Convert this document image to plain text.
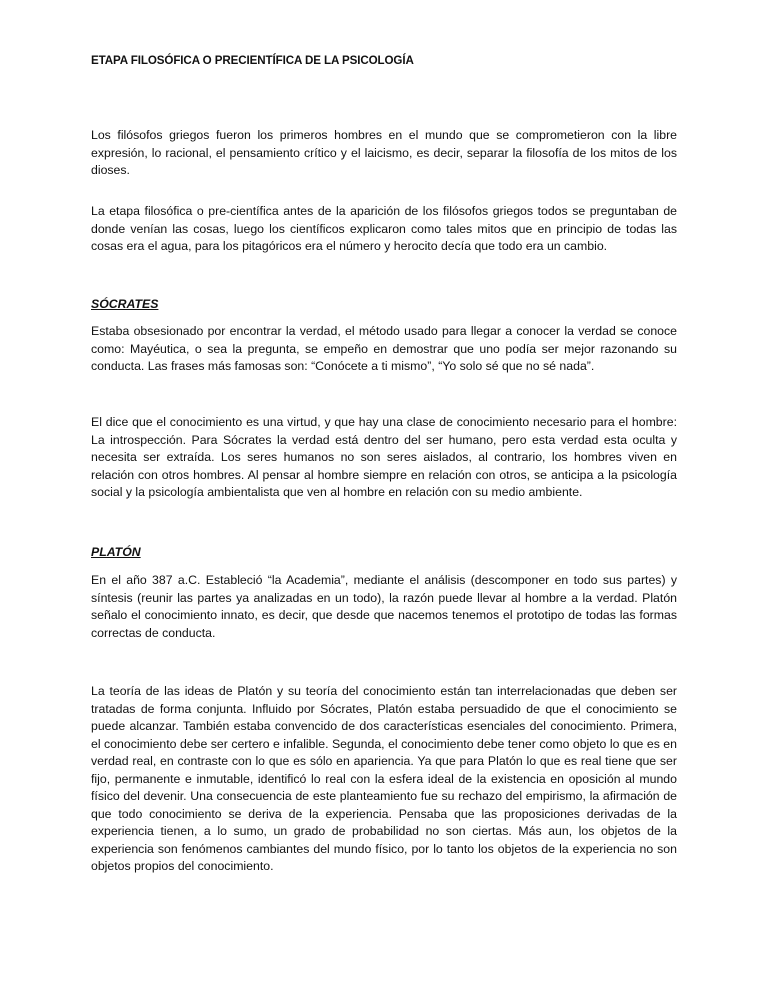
ETAPA FILOSÓFICA O PRECIENTÍFICA DE LA PSICOLOGÍA

Los filósofos griegos fueron los primeros hombres en el mundo que se comprometieron con la libre expresión, lo racional, el pensamiento crítico y el laicismo, es decir, separar la filosofía de los mitos de los dioses.

La etapa filosófica o pre-científica antes de la aparición de los filósofos griegos todos se preguntaban de donde venían las cosas, luego los científicos explicaron como tales mitos que en principio de todas las cosas era el agua, para los pitagóricos era el número y herocito decía que todo era un cambio.

SÓCRATES

Estaba obsesionado por encontrar la verdad, el método usado para llegar a conocer la verdad se conoce como: Mayéutica, o sea la pregunta, se empeño en demostrar que uno podía ser mejor razonando su conducta. Las frases más famosas son: “Conócete a ti mismo”, “Yo solo sé que no sé nada”.

El dice que el conocimiento es una virtud, y que hay una clase de conocimiento necesario para el hombre: La introspección. Para Sócrates la verdad está dentro del ser humano, pero esta verdad esta oculta y necesita ser extraída. Los seres humanos no son seres aislados, al contrario, los hombres viven en relación con otros hombres. Al pensar al hombre siempre en relación con otros, se anticipa a la psicología social y la psicología ambientalista que ven al hombre en relación con su medio ambiente.

PLATÓN

En el año 387 a.C. Estableció “la Academia”, mediante el análisis (descomponer en todo sus partes) y síntesis (reunir las partes ya analizadas en un todo), la razón puede llevar al hombre a la verdad. Platón señalo el conocimiento innato, es decir, que desde que nacemos tenemos el prototipo de todas las formas correctas de conducta.

La teoría de las ideas de Platón y su teoría del conocimiento están tan interrelacionadas que deben ser tratadas de forma conjunta. Influido por Sócrates, Platón estaba persuadido de que el conocimiento se puede alcanzar. También estaba convencido de dos características esenciales del conocimiento. Primera, el conocimiento debe ser certero e infalible. Segunda, el conocimiento debe tener como objeto lo que es en verdad real, en contraste con lo que es sólo en apariencia. Ya que para Platón lo que es real tiene que ser fijo, permanente e inmutable, identificó lo real con la esfera ideal de la existencia en oposición al mundo físico del devenir. Una consecuencia de este planteamiento fue su rechazo del empirismo, la afirmación de que todo conocimiento se deriva de la experiencia. Pensaba que las proposiciones derivadas de la experiencia tienen, a lo sumo, un grado de probabilidad no son ciertas. Más aun, los objetos de la experiencia son fenómenos cambiantes del mundo físico, por lo tanto los objetos de la experiencia no son objetos propios del conocimiento.
